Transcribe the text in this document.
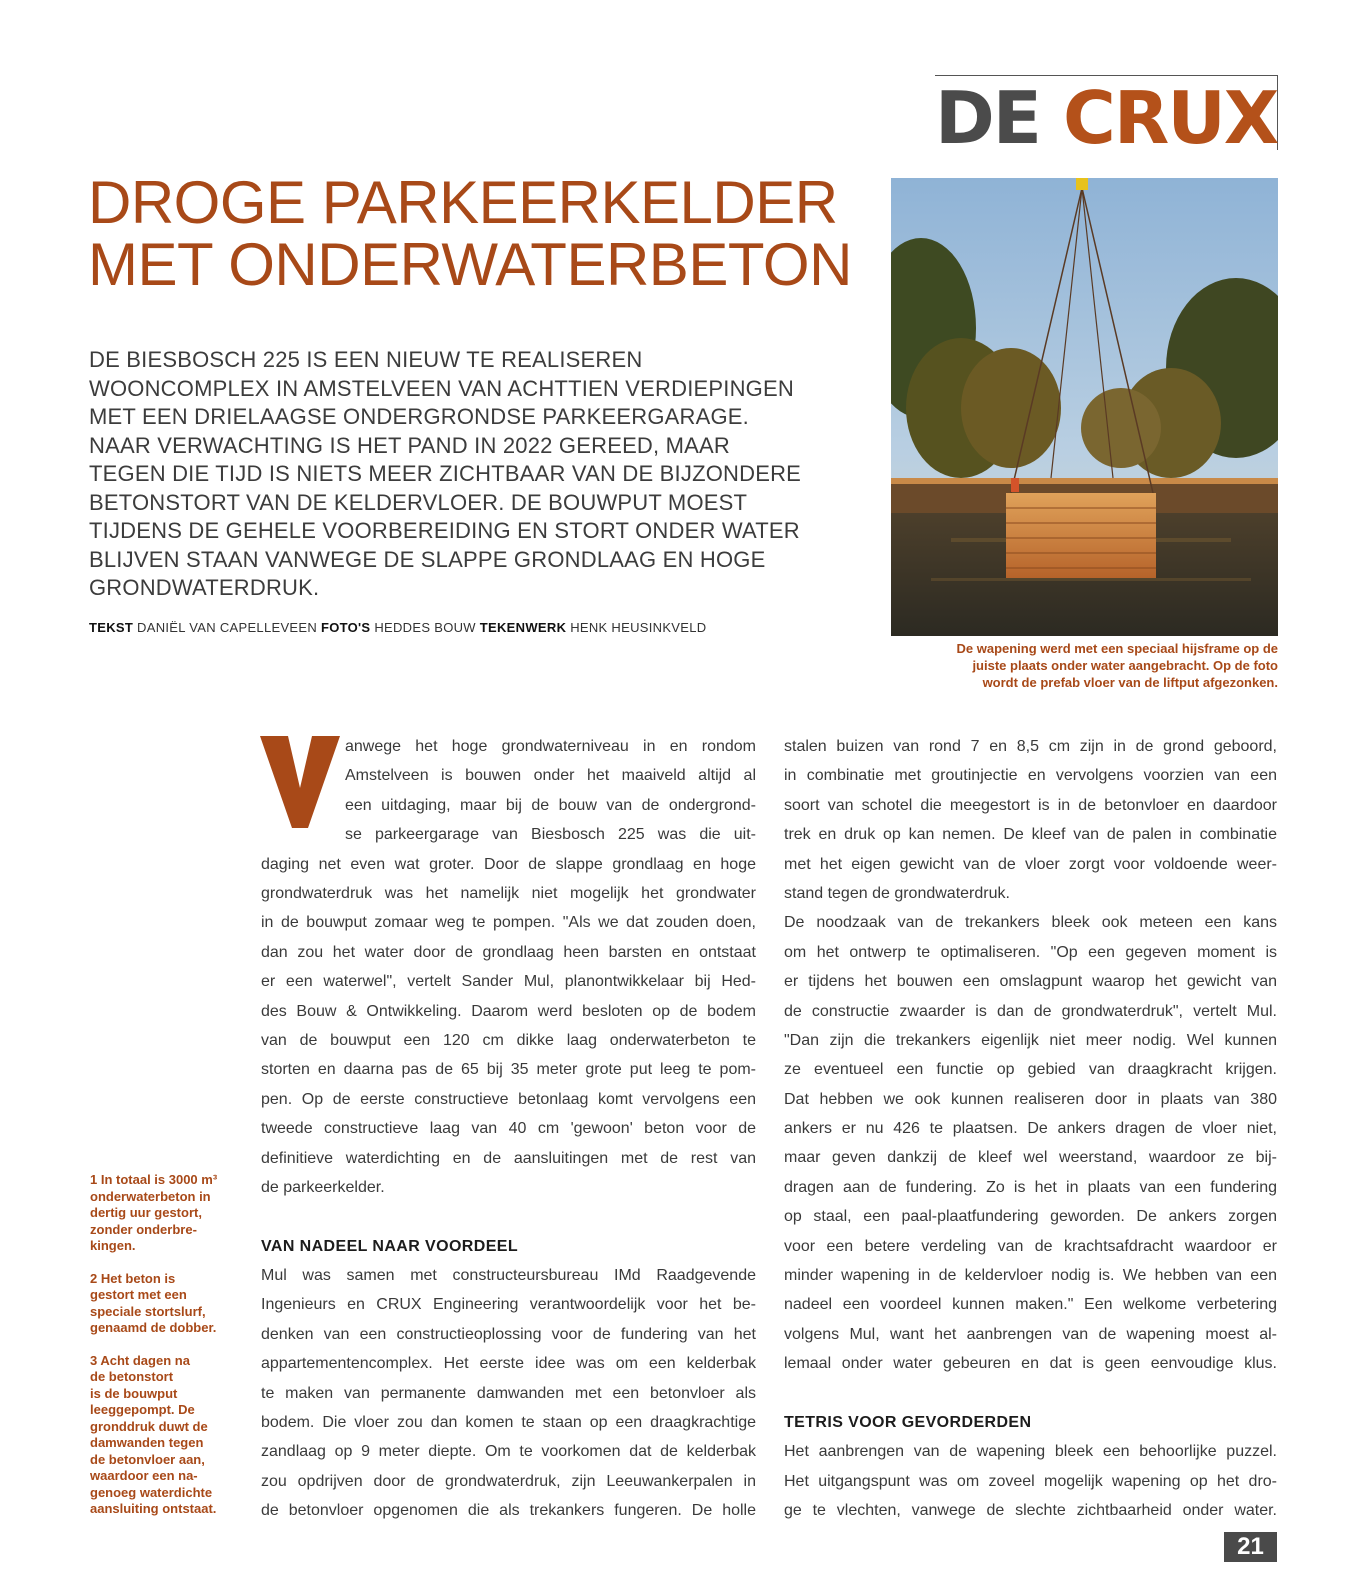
DE CRUX
DROGE PARKEERKELDER
MET ONDERWATERBETON
DE BIESBOSCH 225 IS EEN NIEUW TE REALISEREN
WOONCOMPLEX IN AMSTELVEEN VAN ACHTTIEN VERDIEPINGEN
MET EEN DRIELAAGSE ONDERGRONDSE PARKEERGARAGE.
NAAR VERWACHTING IS HET PAND IN 2022 GEREED, MAAR
TEGEN DIE TIJD IS NIETS MEER ZICHTBAAR VAN DE BIJZONDERE
BETONSTORT VAN DE KELDERVLOER. DE BOUWPUT MOEST
TIJDENS DE GEHELE VOORBEREIDING EN STORT ONDER WATER
BLIJVEN STAAN VANWEGE DE SLAPPE GRONDLAAG EN HOGE
GRONDWATERDRUK.
TEKST DANIËL VAN CAPELLEVEEN FOTO'S HEDDES BOUW TEKENWERK HENK HEUSINKVELD
De wapening werd met een speciaal hijsframe op de
juiste plaats onder water aangebracht. Op de foto
wordt de prefab vloer van de liftput afgezonken.
1 In totaal is 3000 m³
onderwaterbeton in
dertig uur gestort,
zonder onderbre-
kingen.
2 Het beton is
gestort met een
speciale stortslurf,
genaamd de dobber.
3 Acht dagen na
de betonstort
is de bouwput
leeggepompt. De
gronddruk duwt de
damwanden tegen
de betonvloer aan,
waardoor een na-
genoeg waterdichte
aansluiting ontstaat.
anwege het hoge grondwaterniveau in en rondom
Amstelveen is bouwen onder het maaiveld altijd al
een uitdaging, maar bij de bouw van de ondergrond-
se parkeergarage van Biesbosch 225 was die uit-
daging net even wat groter. Door de slappe grondlaag en hoge
grondwaterdruk was het namelijk niet mogelijk het grondwater
in de bouwput zomaar weg te pompen. "Als we dat zouden doen,
dan zou het water door de grondlaag heen barsten en ontstaat
er een waterwel", vertelt Sander Mul, planontwikkelaar bij Hed-
des Bouw & Ontwikkeling. Daarom werd besloten op de bodem
van de bouwput een 120 cm dikke laag onderwaterbeton te
storten en daarna pas de 65 bij 35 meter grote put leeg te pom-
pen. Op de eerste constructieve betonlaag komt vervolgens een
tweede constructieve laag van 40 cm 'gewoon' beton voor de
definitieve waterdichting en de aansluitingen met de rest van
de parkeerkelder.
VAN NADEEL NAAR VOORDEEL
Mul was samen met constructeursbureau IMd Raadgevende
Ingenieurs en CRUX Engineering verantwoordelijk voor het be-
denken van een constructieoplossing voor de fundering van het
appartementencomplex. Het eerste idee was om een kelderbak
te maken van permanente damwanden met een betonvloer als
bodem. Die vloer zou dan komen te staan op een draagkrachtige
zandlaag op 9 meter diepte. Om te voorkomen dat de kelderbak
zou opdrijven door de grondwaterdruk, zijn Leeuwankerpalen in
de betonvloer opgenomen die als trekankers fungeren. De holle
stalen buizen van rond 7 en 8,5 cm zijn in de grond geboord,
in combinatie met groutinjectie en vervolgens voorzien van een
soort van schotel die meegestort is in de betonvloer en daardoor
trek en druk op kan nemen. De kleef van de palen in combinatie
met het eigen gewicht van de vloer zorgt voor voldoende weer-
stand tegen de grondwaterdruk.
De noodzaak van de trekankers bleek ook meteen een kans
om het ontwerp te optimaliseren. "Op een gegeven moment is
er tijdens het bouwen een omslagpunt waarop het gewicht van
de constructie zwaarder is dan de grondwaterdruk", vertelt Mul.
"Dan zijn die trekankers eigenlijk niet meer nodig. Wel kunnen
ze eventueel een functie op gebied van draagkracht krijgen.
Dat hebben we ook kunnen realiseren door in plaats van 380
ankers er nu 426 te plaatsen. De ankers dragen de vloer niet,
maar geven dankzij de kleef wel weerstand, waardoor ze bij-
dragen aan de fundering. Zo is het in plaats van een fundering
op staal, een paal-plaatfundering geworden. De ankers zorgen
voor een betere verdeling van de krachtsafdracht waardoor er
minder wapening in de keldervloer nodig is. We hebben van een
nadeel een voordeel kunnen maken." Een welkome verbetering
volgens Mul, want het aanbrengen van de wapening moest al-
lemaal onder water gebeuren en dat is geen eenvoudige klus.
TETRIS VOOR GEVORDERDEN
Het aanbrengen van de wapening bleek een behoorlijke puzzel.
Het uitgangspunt was om zoveel mogelijk wapening op het dro-
ge te vlechten, vanwege de slechte zichtbaarheid onder water.
21
